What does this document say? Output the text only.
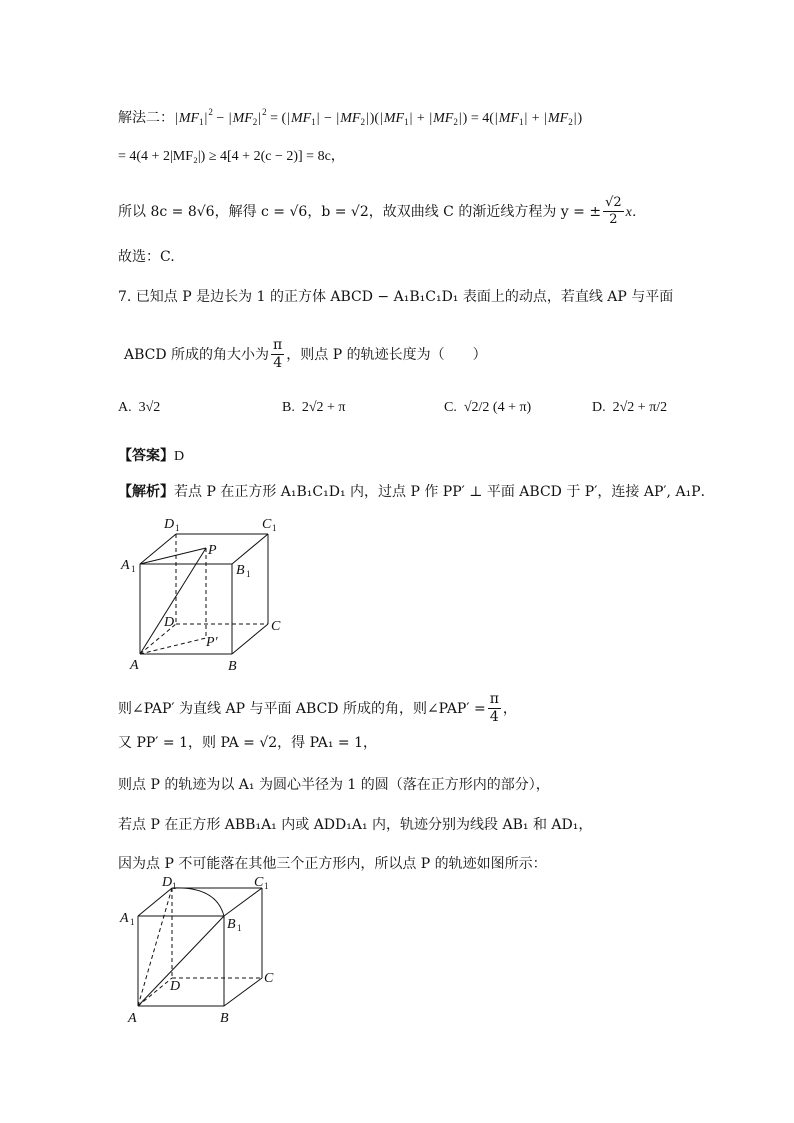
解法二：$|MF_1|^2 - |MF_2|^2 = (|MF_1| - |MF_2|)(|MF_1| + |MF_2|) = 4(|MF_1| + |MF_2|)$
= 4(4 + 2|MF₂|) ≥ 4[4 + 2(c − 2)] = 8c，
所以 8c = 8√6，解得 c = √6，b = √2，故双曲线 C 的渐近线方程为 y = ± $\frac{√2}{2}$ x．
故选：C.
7. 已知点 P 是边长为 1 的正方体 ABCD − A₁B₁C₁D₁ 表面上的动点，若直线 AP 与平面
ABCD 所成的角大小为 $\frac{\pi}{4}$ ，则点 P 的轨迹长度为（　　）
A. 3√2	B. 2√2 + π	C. √2/2 (4 + π)	D. 2√2 + π/2
【答案】D
【解析】若点 P 在正方形 A₁B₁C₁D₁ 内，过点 P 作 PP′ ⊥ 平面 ABCD 于 P′，连接 AP′, A₁P．
D 1	C 1
P
A 1	B 1
D	C
P′
A	B
则∠PAP′ 为直线 AP 与平面 ABCD 所成的角，则∠PAP′ = $\frac{\pi}{4}$ ，
又 PP′ = 1，则 PA = √2，得 PA₁ = 1，
则点 P 的轨迹为以 A₁ 为圆心半径为 1 的圆（落在正方形内的部分），
若点 P 在正方形 ABB₁A₁ 内或 ADD₁A₁ 内，轨迹分别为线段 AB₁ 和 AD₁，
因为点 P 不可能落在其他三个正方形内，所以点 P 的轨迹如图所示：
D 1	C 1
A 1	B 1
D
C
A	B
